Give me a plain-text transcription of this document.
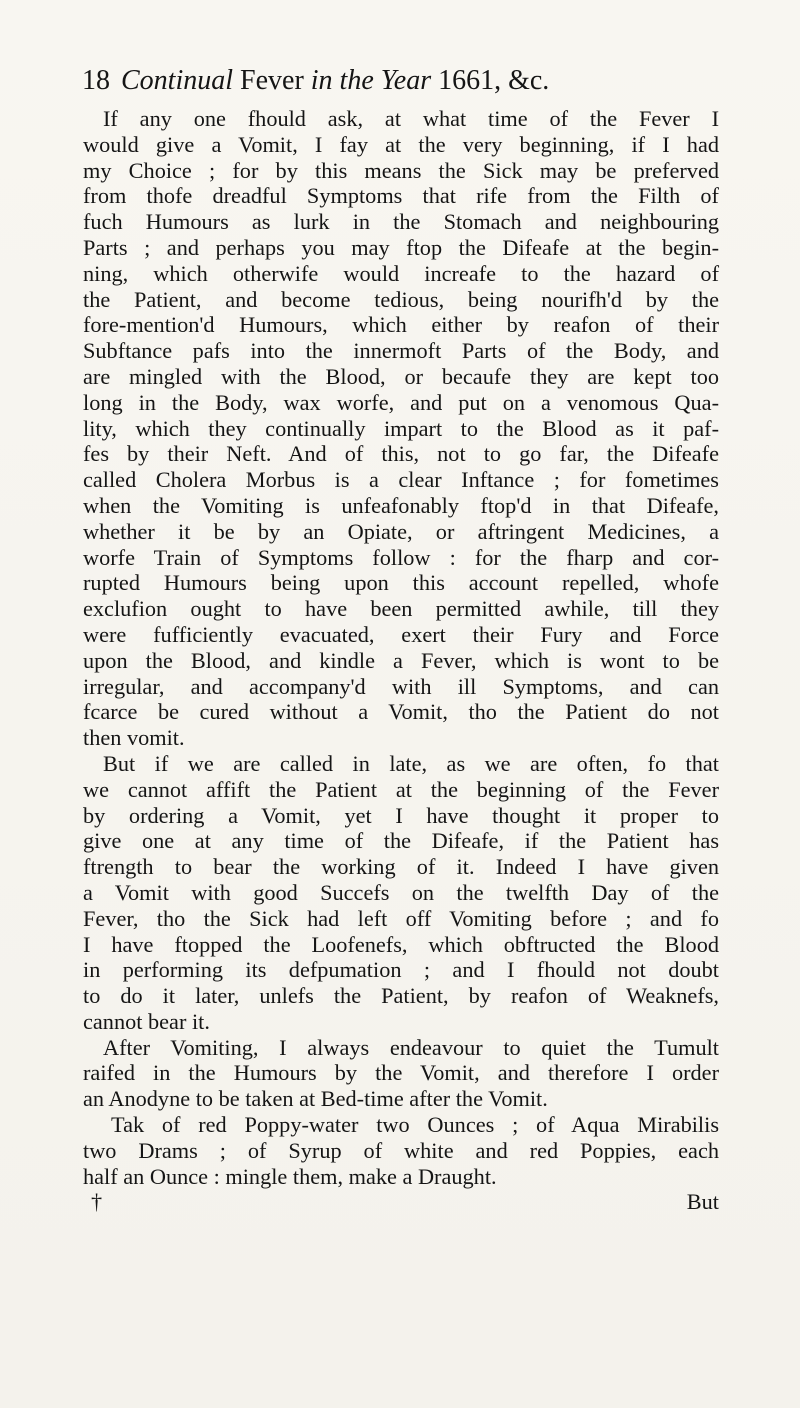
18 Continual Fever in the Year 1661, &c.
If any one fhould ask, at what time of the Fever I
would give a Vomit, I fay at the very beginning, if I had
my Choice ; for by this means the Sick may be preferved
from thofe dreadful Symptoms that rife from the Filth of
fuch Humours as lurk in the Stomach and neighbouring
Parts ; and perhaps you may ftop the Difeafe at the begin-
ning, which otherwife would increafe to the hazard of
the Patient, and become tedious, being nourifh'd by the
fore-mention'd Humours, which either by reafon of their
Subftance pafs into the innermoft Parts of the Body, and
are mingled with the Blood, or becaufe they are kept too
long in the Body, wax worfe, and put on a venomous Qua-
lity, which they continually impart to the Blood as it paf-
fes by their Neft. And of this, not to go far, the Difeafe
called Cholera Morbus is a clear Inftance ; for fometimes
when the Vomiting is unfeafonably ftop'd in that Difeafe,
whether it be by an Opiate, or aftringent Medicines, a
worfe Train of Symptoms follow : for the fharp and cor-
rupted Humours being upon this account repelled, whofe
exclufion ought to have been permitted awhile, till they
were fufficiently evacuated, exert their Fury and Force
upon the Blood, and kindle a Fever, which is wont to be
irregular, and accompany'd with ill Symptoms, and can
fcarce be cured without a Vomit, tho the Patient do not
then vomit.
But if we are called in late, as we are often, fo that
we cannot affift the Patient at the beginning of the Fever
by ordering a Vomit, yet I have thought it proper to
give one at any time of the Difeafe, if the Patient has
ftrength to bear the working of it. Indeed I have given
a Vomit with good Succefs on the twelfth Day of the
Fever, tho the Sick had left off Vomiting before ; and fo
I have ftopped the Loofenefs, which obftructed the Blood
in performing its defpumation ; and I fhould not doubt
to do it later, unlefs the Patient, by reafon of Weaknefs,
cannot bear it.
After Vomiting, I always endeavour to quiet the Tumult
raifed in the Humours by the Vomit, and therefore I order
an Anodyne to be taken at Bed-time after the Vomit.
Tak of red Poppy-water two Ounces ; of Aqua Mirabilis
two Drams ; of Syrup of white and red Poppies, each
half an Ounce : mingle them, make a Draught.
†	But
